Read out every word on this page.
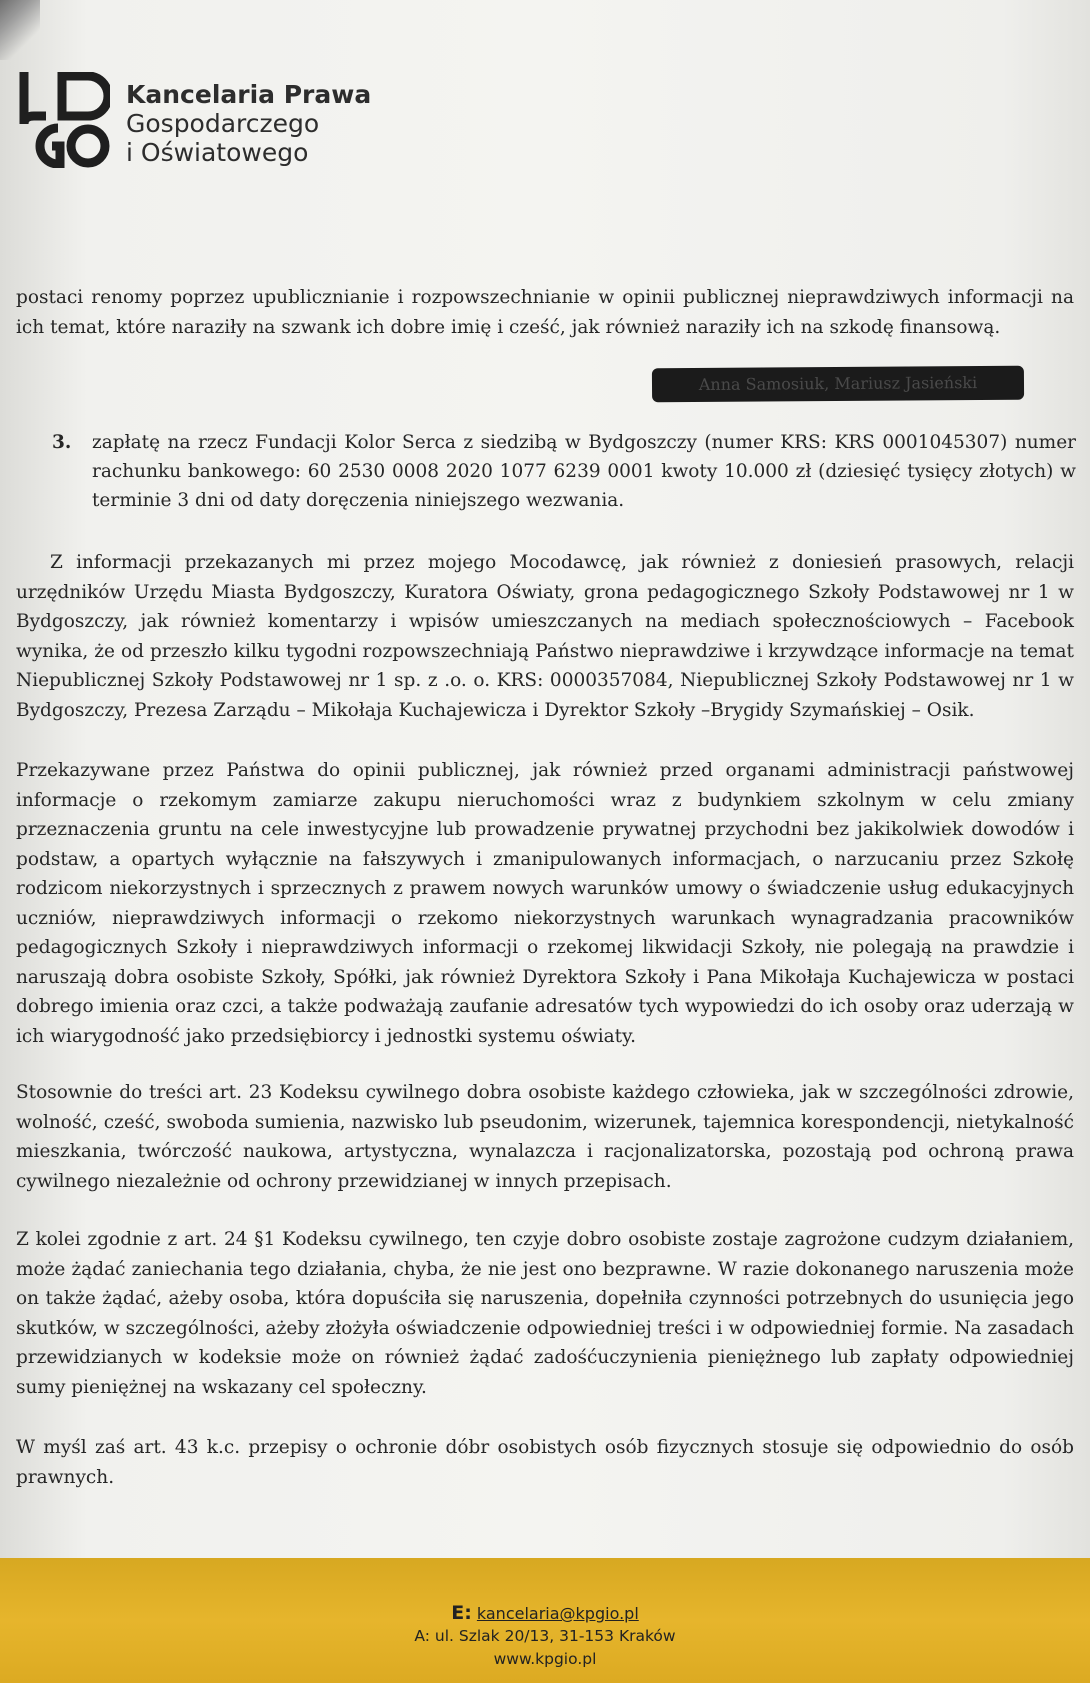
Kancelaria Prawa
Gospodarczego
i Oświatowego
postaci renomy poprzez upublicznianie i rozpowszechnianie w opinii publicznej nieprawdziwych informacji na ich temat, które naraziły na szwank ich dobre imię i cześć, jak również naraziły ich na szkodę finansową.
Anna Samosiuk, Mariusz Jasieński
3. zapłatę na rzecz Fundacji Kolor Serca z siedzibą w Bydgoszczy (numer KRS: KRS 0001045307) numer rachunku bankowego: 60 2530 0008 2020 1077 6239 0001 kwoty 10.000 zł (dziesięć tysięcy złotych) w terminie 3 dni od daty doręczenia niniejszego wezwania.
Z informacji przekazanych mi przez mojego Mocodawcę, jak również z doniesień prasowych, relacji urzędników Urzędu Miasta Bydgoszczy, Kuratora Oświaty, grona pedagogicznego Szkoły Podstawowej nr 1 w Bydgoszczy, jak również komentarzy i wpisów umieszczanych na mediach społecznościowych – Facebook wynika, że od przeszło kilku tygodni rozpowszechniają Państwo nieprawdziwe i krzywdzące informacje na temat Niepublicznej Szkoły Podstawowej nr 1 sp. z .o. o. KRS: 0000357084, Niepublicznej Szkoły Podstawowej nr 1 w Bydgoszczy, Prezesa Zarządu – Mikołaja Kuchajewicza i Dyrektor Szkoły –Brygidy Szymańskiej – Osik.
Przekazywane przez Państwa do opinii publicznej, jak również przed organami administracji państwowej informacje o rzekomym zamiarze zakupu nieruchomości wraz z budynkiem szkolnym w celu zmiany przeznaczenia gruntu na cele inwestycyjne lub prowadzenie prywatnej przychodni bez jakikolwiek dowodów i podstaw, a opartych wyłącznie na fałszywych i zmanipulowanych informacjach, o narzucaniu przez Szkołę rodzicom niekorzystnych i sprzecznych z prawem nowych warunków umowy o świadczenie usług edukacyjnych uczniów, nieprawdziwych informacji o rzekomo niekorzystnych warunkach wynagradzania pracowników pedagogicznych Szkoły i nieprawdziwych informacji o rzekomej likwidacji Szkoły, nie polegają na prawdzie i naruszają dobra osobiste Szkoły, Spółki, jak również Dyrektora Szkoły i Pana Mikołaja Kuchajewicza w postaci dobrego imienia oraz czci, a także podważają zaufanie adresatów tych wypowiedzi do ich osoby oraz uderzają w ich wiarygodność jako przedsiębiorcy i jednostki systemu oświaty.
Stosownie do treści art. 23 Kodeksu cywilnego dobra osobiste każdego człowieka, jak w szczególności zdrowie, wolność, cześć, swoboda sumienia, nazwisko lub pseudonim, wizerunek, tajemnica korespondencji, nietykalność mieszkania, twórczość naukowa, artystyczna, wynalazcza i racjonalizatorska, pozostają pod ochroną prawa cywilnego niezależnie od ochrony przewidzianej w innych przepisach.
Z kolei zgodnie z art. 24 §1 Kodeksu cywilnego, ten czyje dobro osobiste zostaje zagrożone cudzym działaniem, może żądać zaniechania tego działania, chyba, że nie jest ono bezprawne. W razie dokonanego naruszenia może on także żądać, ażeby osoba, która dopuściła się naruszenia, dopełniła czynności potrzebnych do usunięcia jego skutków, w szczególności, ażeby złożyła oświadczenie odpowiedniej treści i w odpowiedniej formie. Na zasadach przewidzianych w kodeksie może on również żądać zadośćuczynienia pieniężnego lub zapłaty odpowiedniej sumy pieniężnej na wskazany cel społeczny.
W myśl zaś art. 43 k.c. przepisy o ochronie dóbr osobistych osób fizycznych stosuje się odpowiednio do osób prawnych.
E: kancelaria@kpgio.pl
A: ul. Szlak 20/13, 31-153 Kraków
www.kpgio.pl
